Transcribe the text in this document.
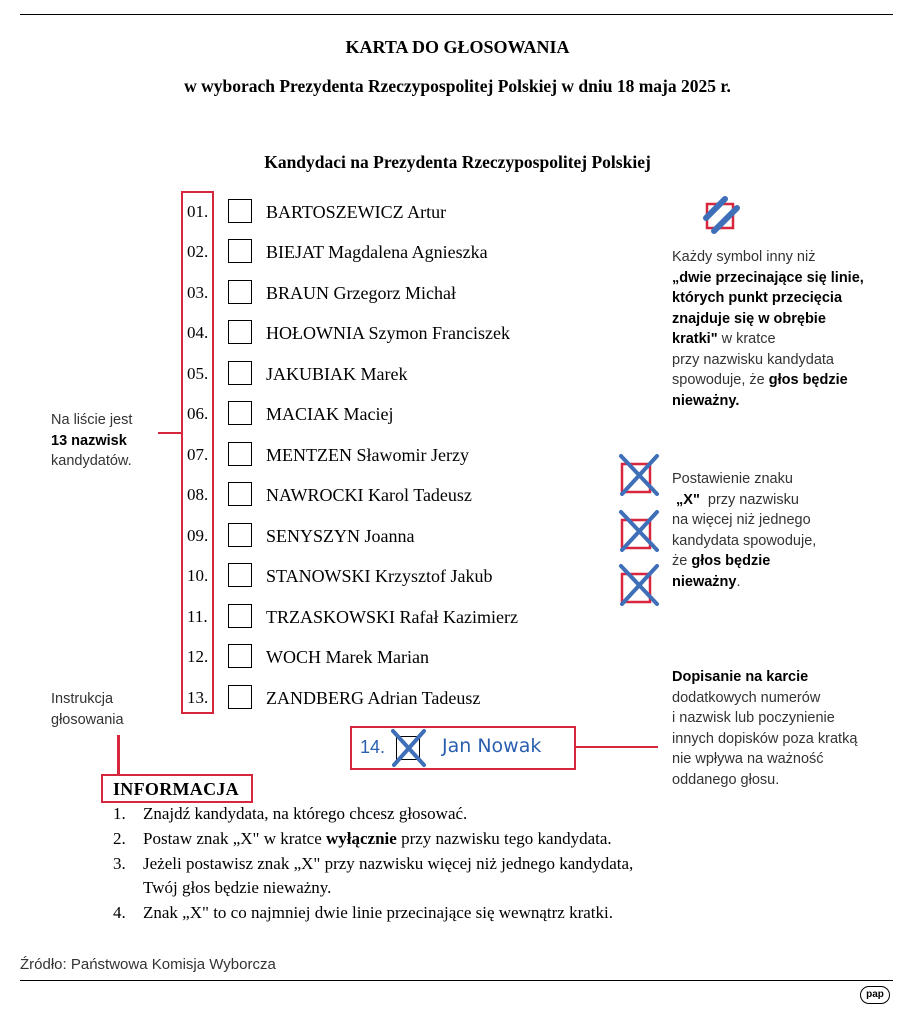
KARTA DO GŁOSOWANIA
w wyborach Prezydenta Rzeczypospolitej Polskiej w dniu 18 maja 2025 r.
Kandydaci na Prezydenta Rzeczypospolitej Polskiej
01.	BARTOSZEWICZ Artur
02.	BIEJAT Magdalena Agnieszka
03.	BRAUN Grzegorz Michał
04.	HOŁOWNIA Szymon Franciszek
05.	JAKUBIAK Marek
06.	MACIAK Maciej
07.	MENTZEN Sławomir Jerzy
08.	NAWROCKI Karol Tadeusz
09.	SENYSZYN Joanna
10.	STANOWSKI Krzysztof Jakub
11.	TRZASKOWSKI Rafał Kazimierz
12.	WOCH Marek Marian
13.	ZANDBERG Adrian Tadeusz
Na liście jest
13 nazwisk
kandydatów.
Instrukcja
głosowania
Każdy symbol inny niż
„dwie przecinające się linie,
których punkt przecięcia
znajduje się w obrębie
kratki" w kratce
przy nazwisku kandydata
spowoduje, że głos będzie
nieważny.
Postawienie znaku
„X"  przy nazwisku
na więcej niż jednego
kandydata spowoduje,
że głos będzie
nieważny.
Dopisanie na karcie
dodatkowych numerów
i nazwisk lub poczynienie
innych dopisków poza kratką
nie wpływa na ważność
oddanego głosu.
14.	Jan Nowak
INFORMACJA
1. Znajdź kandydata, na którego chcesz głosować.
2. Postaw znak „X" w kratce wyłącznie przy nazwisku tego kandydata.
3. Jeżeli postawisz znak „X" przy nazwisku więcej niż jednego kandydata,
Twój głos będzie nieważny.
4. Znak „X" to co najmniej dwie linie przecinające się wewnątrz kratki.
Źródło: Państwowa Komisja Wyborcza
pap
